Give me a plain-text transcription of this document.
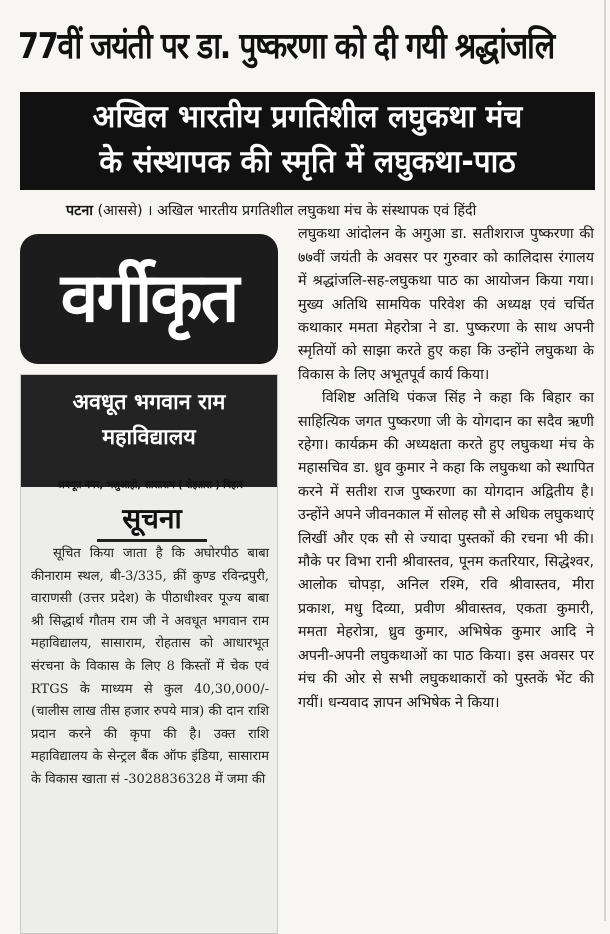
77वीं जयंती पर डा. पुष्करणा को दी गयी श्रद्धांजलि
अखिल भारतीय प्रगतिशील लघुकथा मंच
के संस्थापक की स्मृति में लघुकथा-पाठ

पटना (आससे) । अखिल भारतीय प्रगतिशील लघुकथा मंच के संस्थापक एवं हिंदी

लघुकथा आंदोलन के अगुआ डा. सतीशराज पुष्करणा की ७७वीं जयंती के अवसर पर गुरुवार को कालिदास रंगालय में श्रद्धांजलि-सह-लघुकथा पाठ का आयोजन किया गया। मुख्य अतिथि सामयिक परिवेश की अध्यक्ष एवं चर्चित कथाकार ममता मेहरोत्रा ने डा. पुष्करणा के साथ अपनी स्मृतियों को साझा करते हुए कहा कि उन्होंने लघुकथा के विकास के लिए अभूतपूर्व कार्य किया।

विशिष्ट अतिथि पंकज सिंह ने कहा कि बिहार का साहित्यिक जगत पुष्करणा जी के योगदान का सदैव ऋणी रहेगा। कार्यक्रम की अध्यक्षता करते हुए लघुकथा मंच के महासचिव डा. ध्रुव कुमार ने कहा कि लघुकथा को स्थापित करने में सतीश राज पुष्करणा का योगदान अद्वितीय है। उन्होंने अपने जीवनकाल में सोलह सौ से अधिक लघुकथाएं लिखीं और एक सौ से ज्यादा पुस्तकों की रचना भी की। मौके पर विभा रानी श्रीवास्तव, पूनम कतरियार, सिद्धेश्वर, आलोक चोपड़ा, अनिल रश्मि, रवि श्रीवास्तव, मीरा प्रकाश, मधु दिव्या, प्रवीण श्रीवास्तव, एकता कुमारी, ममता मेहरोत्रा, ध्रुव कुमार, अभिषेक कुमार आदि ने अपनी-अपनी लघुकथाओं का पाठ किया। इस अवसर पर मंच की ओर से सभी लघुकथाकारों को पुस्तकें भेंट की गयीं। धन्यवाद ज्ञापन अभिषेक ने किया।

वर्गीकृत
अवधूत भगवान राम
महाविद्यालय
अवधूत नगर, भलुआही, सासाराम ( रोहतास ) बिहार
सूचना
सूचित किया जाता है कि अघोरपीठ बाबा कीनाराम स्थल, बी-3/335, क्रीं कुण्ड रविन्द्रपुरी, वाराणसी (उत्तर प्रदेश) के पीठाधीश्वर पूज्य बाबा श्री सिद्धार्थ गौतम राम जी ने अवधूत भगवान राम महाविद्यालय, सासाराम, रोहतास को आधारभूत संरचना के विकास के लिए 8 किस्तों में चेक एवं RTGS के माध्यम से कुल 40,30,000/- (चालीस लाख तीस हजार रुपये मात्र) की दान राशि प्रदान करने की कृपा की है। उक्त राशि महाविद्यालय के सेन्ट्रल बैंक ऑफ इंडिया, सासाराम के विकास खाता सं -3028836328 में जमा की
